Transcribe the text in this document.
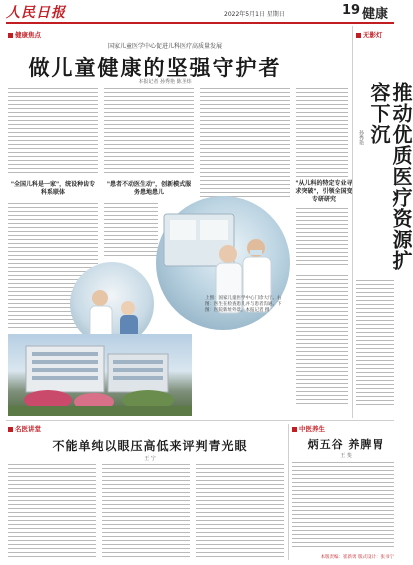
人民日报	2022年5月1日 星期日	19 健康
健康焦点
国家儿童医学中心促进儿科医疗高质量发展
做儿童健康的坚强守护者
本报记者 孙秀艳 陈圣炜
"全国儿科是一家"，统设种齿专科系联体
"患者不动医生动"，创新模式服务患地患儿
"从儿科的特定专业寻求突破"，引领全国变专研研究
上图：国家儿童医学中心门诊大厅。右图：医生在检查患儿并与患者沟通。下图：医院新址外景。本报记者 摄
无影灯
推动优质医疗资源扩容下沉
孙秀艳
名医讲堂
不能单纯以眼压高低来评判青光眼
王 宁
中医养生
炳五谷 养脾胃
王 斐
本版责编：崔新勇 版式设计：张书宁
